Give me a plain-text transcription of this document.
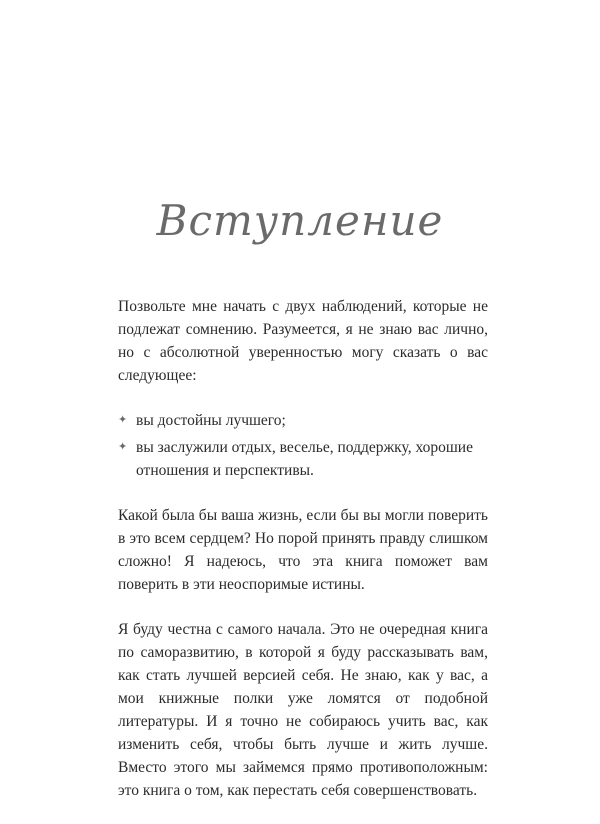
Вступление

Позвольте мне начать с двух наблюдений, которые не подлежат сомнению. Разумеется, я не знаю вас лично, но с абсолютной уверенностью могу сказать о вас следующее:

✦ вы достойны лучшего;
✦ вы заслужили отдых, веселье, поддержку, хорошие отношения и перспективы.

Какой была бы ваша жизнь, если бы вы могли поверить в это всем сердцем? Но порой принять правду слишком сложно! Я надеюсь, что эта книга поможет вам поверить в эти неоспоримые истины.

Я буду честна с самого начала. Это не очередная книга по саморазвитию, в которой я буду рассказывать вам, как стать лучшей версией себя. Не знаю, как у вас, а мои книжные полки уже ломятся от подобной литературы. И я точно не собираюсь учить вас, как изменить себя, чтобы быть лучше и жить лучше. Вместо этого мы займемся прямо противоположным: это книга о том, как перестать себя совершенствовать.
